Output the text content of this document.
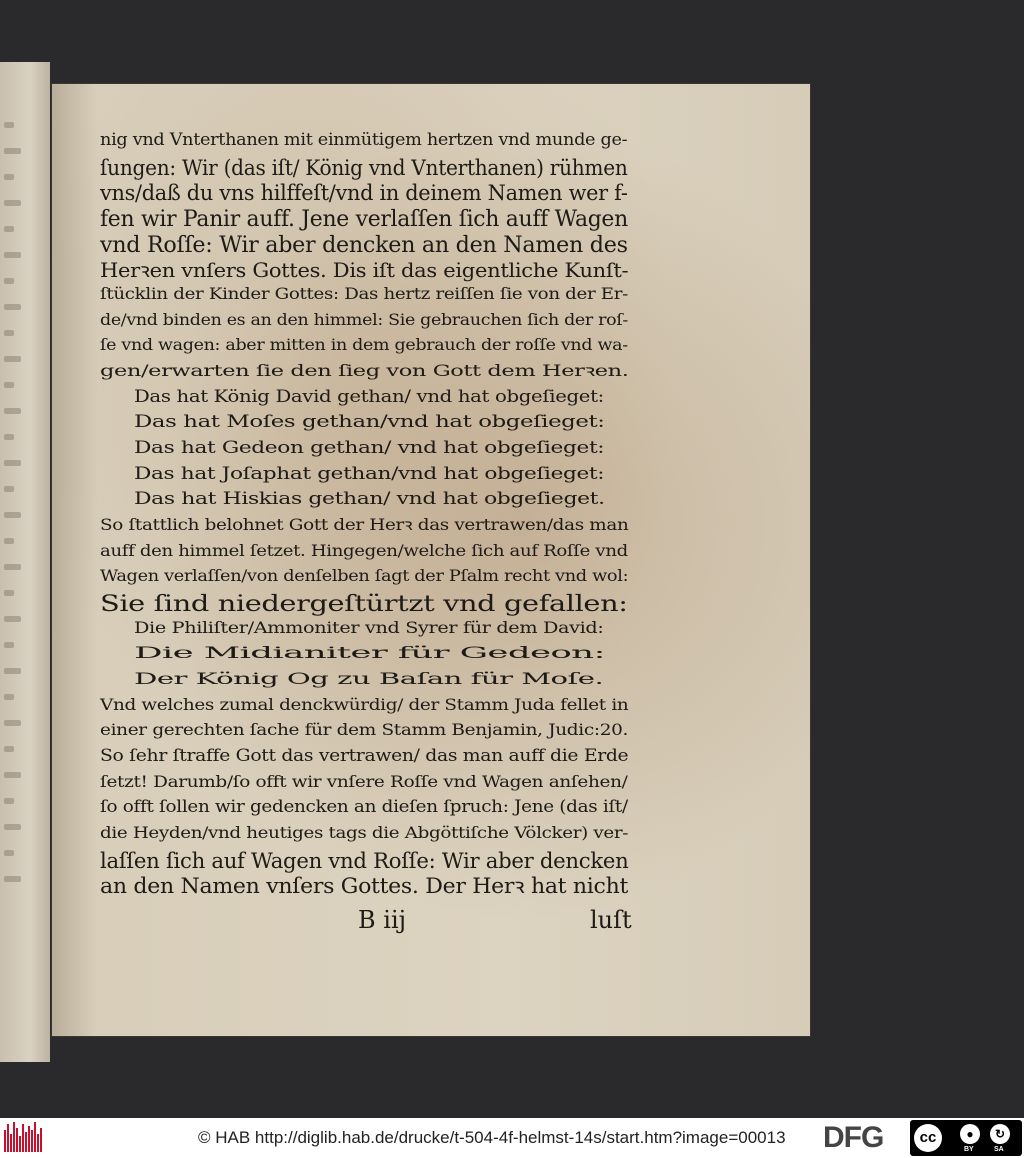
nig vnd Vnterthanen mit einmütigem hertzen vnd munde ge-
ſungen: Wir (das iſt/ König vnd Vnterthanen) rühmen
vns/daß du vns hilffeſt/vnd in deinem Namen wer f-
fen wir Panir auff. Jene verlaſſen ſich auff Wagen
vnd Roſſe: Wir aber dencken an den Namen des
Herꝛen vnſers Gottes. Dis iſt das eigentliche Kunſt-
ſtücklin der Kinder Gottes: Das hertz reiſſen ſie von der Er-
de/vnd binden es an den himmel: Sie gebrauchen ſich der roſ-
ſe vnd wagen: aber mitten in dem gebrauch der roſſe vnd wa-
gen/erwarten ſie den ſieg von Gott dem Herꝛen.
Das hat König David gethan/ vnd hat obgeſieget:
Das hat Moſes gethan/vnd hat obgeſieget:
Das hat Gedeon gethan/ vnd hat obgeſieget:
Das hat Joſaphat gethan/vnd hat obgeſieget:
Das hat Hiskias gethan/ vnd hat obgeſieget.
So ſtattlich belohnet Gott der Herꝛ das vertrawen/das man
auff den himmel ſetzet. Hingegen/welche ſich auf Roſſe vnd
Wagen verlaſſen/von denſelben ſagt der Pſalm recht vnd wol:
Sie ſind niedergeſtürtzt vnd gefallen:
Die Philiſter/Ammoniter vnd Syrer für dem David:
Die Midianiter für Gedeon:
Der König Og zu Baſan für Moſe.
Vnd welches zumal denckwürdig/ der Stamm Juda fellet in
einer gerechten ſache für dem Stamm Benjamin, Judic:20.
So ſehr ſtraffe Gott das vertrawen/ das man auff die Erde
ſetzt! Darumb/ſo offt wir vnſere Roſſe vnd Wagen anſehen/
ſo offt ſollen wir gedencken an dieſen ſpruch: Jene (das iſt/
die Heyden/vnd heutiges tags die Abgöttiſche Völcker) ver-
laſſen ſich auf Wagen vnd Roſſe: Wir aber dencken
an den Namen vnſers Gottes. Der Herꝛ hat nicht
B iij	luſt
© HAB http://diglib.hab.de/drucke/t-504-4f-helmst-14s/start.htm?image=00013 DFG	cc	●	↻
BY	SA
